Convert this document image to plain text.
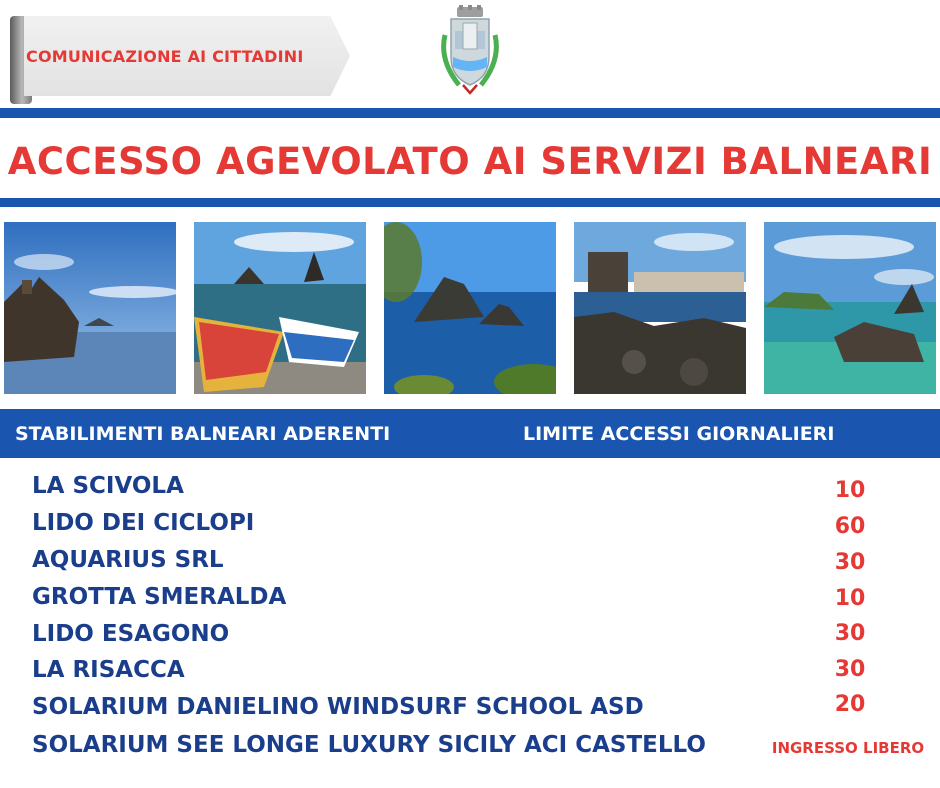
COMUNICAZIONE AI CITTADINI
ACCESSO AGEVOLATO AI SERVIZI BALNEARI
STABILIMENTI BALNEARI ADERENTI	LIMITE ACCESSI GIORNALIERI
LA SCIVOLA	10
LIDO DEI CICLOPI	60
AQUARIUS SRL	30
GROTTA SMERALDA	10
LIDO ESAGONO	30
LA RISACCA	30
SOLARIUM DANIELINO WINDSURF SCHOOL ASD	20
SOLARIUM SEE LONGE LUXURY SICILY ACI CASTELLO	INGRESSO LIBERO
